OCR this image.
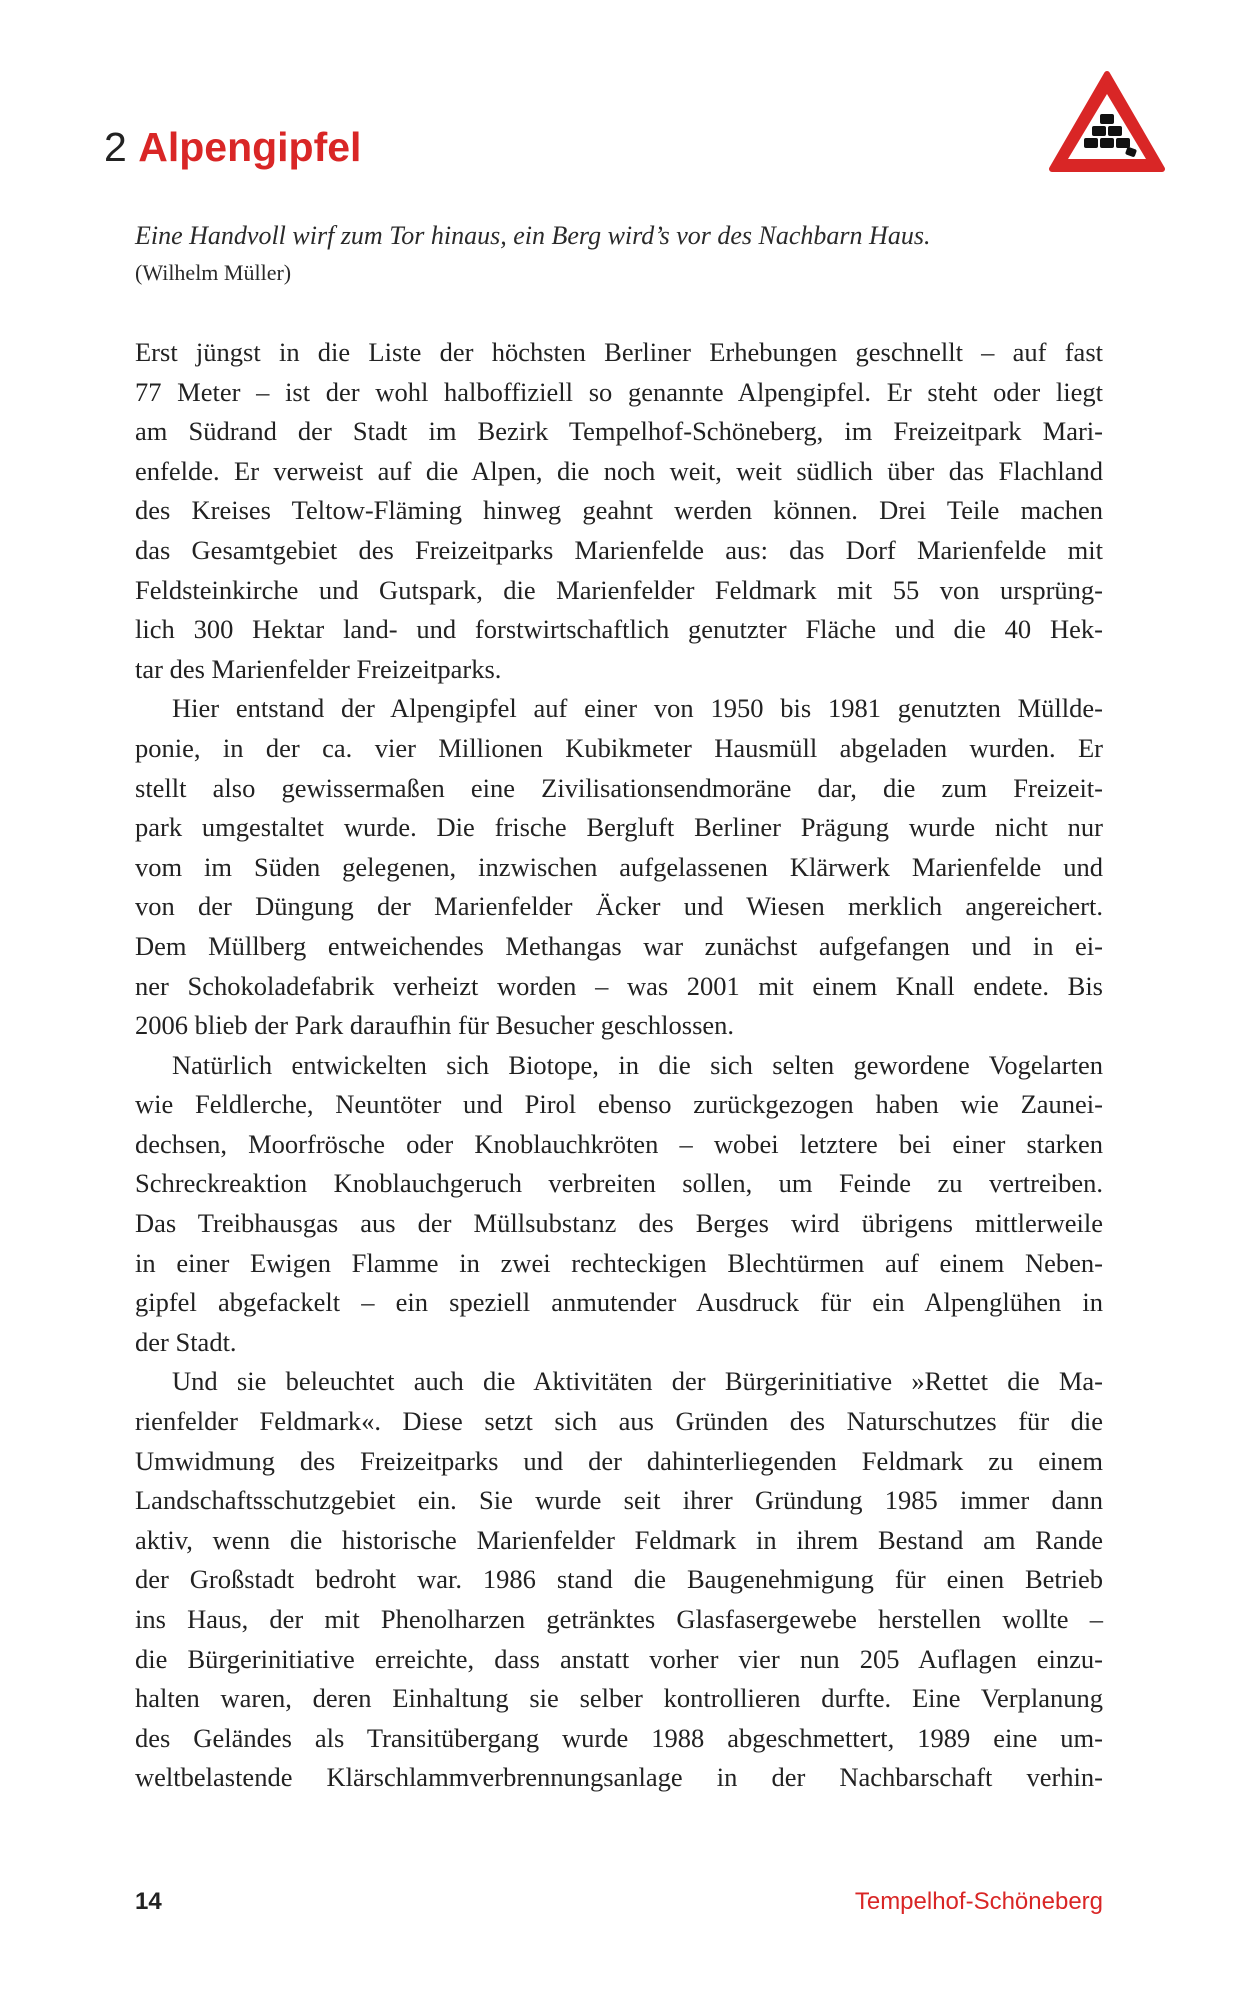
2 Alpengipfel
Eine Handvoll wirf zum Tor hinaus, ein Berg wird’s vor des Nachbarn Haus.
(Wilhelm Müller)
Erst jüngst in die Liste der höchsten Berliner Erhebungen geschnellt – auf fast
77 Meter – ist der wohl halboffiziell so genannte Alpengipfel. Er steht oder liegt
am Südrand der Stadt im Bezirk Tempelhof-Schöneberg, im Freizeitpark Mari-
enfelde. Er verweist auf die Alpen, die noch weit, weit südlich über das Flachland
des Kreises Teltow-Fläming hinweg geahnt werden können. Drei Teile machen
das Gesamtgebiet des Freizeitparks Marienfelde aus: das Dorf Marienfelde mit
Feldsteinkirche und Gutspark, die Marienfelder Feldmark mit 55 von ursprüng-
lich 300 Hektar land- und forstwirtschaftlich genutzter Fläche und die 40 Hek-
tar des Marienfelder Freizeitparks.
Hier entstand der Alpengipfel auf einer von 1950 bis 1981 genutzten Mülldе-
ponie, in der ca. vier Millionen Kubikmeter Hausmüll abgeladen wurden. Er
stellt also gewissermaßen eine Zivilisationsendmoräne dar, die zum Freizeit-
park umgestaltet wurde. Die frische Bergluft Berliner Prägung wurde nicht nur
vom im Süden gelegenen, inzwischen aufgelassenen Klärwerk Marienfelde und
von der Düngung der Marienfelder Äcker und Wiesen merklich angereichert.
Dem Müllberg entweichendes Methangas war zunächst aufgefangen und in ei-
ner Schokoladefabrik verheizt worden – was 2001 mit einem Knall endete. Bis
2006 blieb der Park daraufhin für Besucher geschlossen.
Natürlich entwickelten sich Biotope, in die sich selten gewordene Vogelarten
wie Feldlerche, Neuntöter und Pirol ebenso zurückgezogen haben wie Zaunei-
dechsen, Moorfrösche oder Knoblauchkröten – wobei letztere bei einer starken
Schreckreaktion Knoblauchgeruch verbreiten sollen, um Feinde zu vertreiben.
Das Treibhausgas aus der Müllsubstanz des Berges wird übrigens mittlerweile
in einer Ewigen Flamme in zwei rechteckigen Blechtürmen auf einem Neben-
gipfel abgefackelt – ein speziell anmutender Ausdruck für ein Alpenglühen in
der Stadt.
Und sie beleuchtet auch die Aktivitäten der Bürgerinitiative »Rettet die Ma-
rienfelder Feldmark«. Diese setzt sich aus Gründen des Naturschutzes für die
Umwidmung des Freizeitparks und der dahinterliegenden Feldmark zu einem
Landschaftsschutzgebiet ein. Sie wurde seit ihrer Gründung 1985 immer dann
aktiv, wenn die historische Marienfelder Feldmark in ihrem Bestand am Rande
der Großstadt bedroht war. 1986 stand die Baugenehmigung für einen Betrieb
ins Haus, der mit Phenolharzen getränktes Glasfasergewebe herstellen wollte –
die Bürgerinitiative erreichte, dass anstatt vorher vier nun 205 Auflagen einzu-
halten waren, deren Einhaltung sie selber kontrollieren durfte. Eine Verplanung
des Geländes als Transitübergang wurde 1988 abgeschmettert, 1989 eine um-
weltbelastende Klärschlammverbrennungsanlage in der Nachbarschaft verhin-
14	Tempelhof-Schöneberg
